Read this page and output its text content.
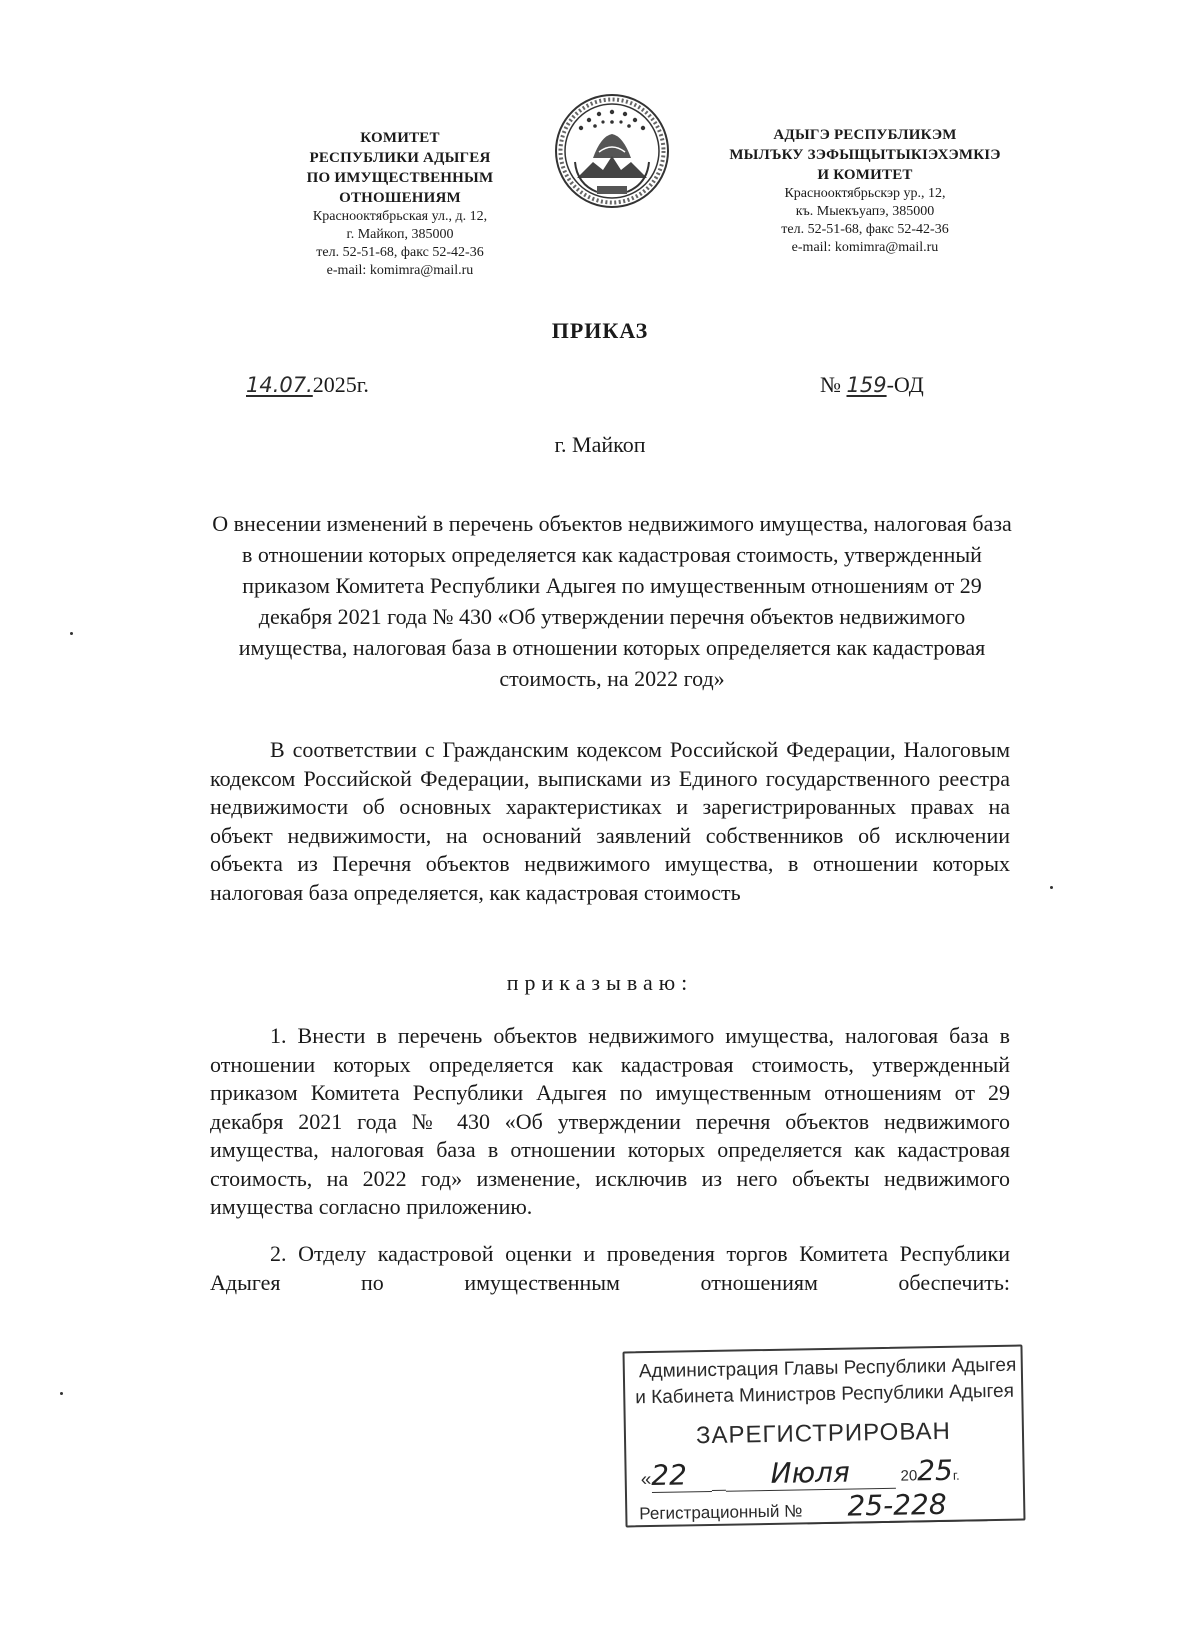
КОМИТЕТ
РЕСПУБЛИКИ АДЫГЕЯ
ПО ИМУЩЕСТВЕННЫМ ОТНОШЕНИЯМ
Краснооктябрьская ул., д. 12,
г. Майкоп, 385000
тел. 52-51-68, факс 52-42-36
e-mail: komimra@mail.ru
АДЫГЭ РЕСПУБЛИКЭМ
МЫЛЪКУ ЗЭФЫЩЫТЫКІЭХЭМКІЭ
И КОМИТЕТ
Краснооктябрьскэр ур., 12,
къ. Мыекъуапэ, 385000
тел. 52-51-68, факс 52-42-36
e-mail: komimra@mail.ru
ПРИКАЗ
14.07.2025г.	№ 159-ОД
г. Майкоп
О внесении изменений в перечень объектов недвижимого имущества, налоговая база в отношении которых определяется как кадастровая стоимость, утвержденный приказом Комитета Республики Адыгея по имущественным отношениям от 29 декабря 2021 года № 430 «Об утверждении перечня объектов недвижимого имущества, налоговая база в отношении которых определяется как кадастровая стоимость, на 2022 год»
В соответствии с Гражданским кодексом Российской Федерации, Налоговым кодексом Российской Федерации, выписками из Единого государственного реестра недвижимости об основных характеристиках и зарегистрированных правах на объект недвижимости, на оснований заявлений собственников об исключении объекта из Перечня объектов недвижимого имущества, в отношении которых налоговая база определяется, как кадастровая стоимость
приказываю:
1. Внести в перечень объектов недвижимого имущества, налоговая база в отношении которых определяется как кадастровая стоимость, утвержденный приказом Комитета Республики Адыгея по имущественным отношениям от 29 декабря 2021 года № 430 «Об утверждении перечня объектов недвижимого имущества, налоговая база в отношении которых определяется как кадастровая стоимость, на 2022 год» изменение, исключив из него объекты недвижимого имущества согласно приложению.
2. Отделу кадастровой оценки и проведения торгов Комитета Республики Адыгея по имущественным отношениям обеспечить:
Администрация Главы Республики Адыгея
и Кабинета Министров Республики Адыгея
ЗАРЕГИСТРИРОВАН
«22	Июля	2025г.
Регистрационный № 25-228
